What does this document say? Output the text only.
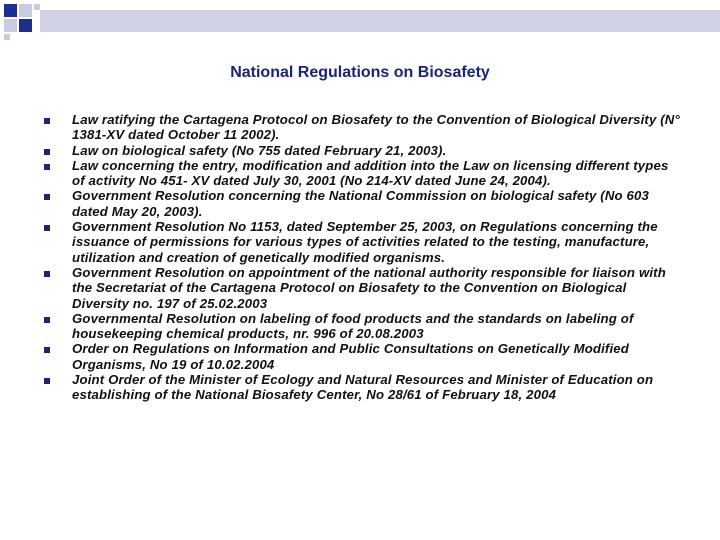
National Regulations on Biosafety
Law ratifying the Cartagena Protocol on Biosafety to the Convention of Biological Diversity (N° 1381-XV dated October 11 2002).
Law on biological safety (No 755 dated February 21, 2003).
Law concerning the entry, modification and addition into the Law on licensing different types of activity No 451- XV dated July 30, 2001 (No 214-XV dated June 24, 2004).
Government Resolution concerning the National Commission on biological safety (No 603 dated May 20, 2003).
Government Resolution No 1153, dated September 25, 2003, on Regulations concerning the issuance of permissions for various types of activities related to the testing, manufacture, utilization and creation of genetically modified organisms.
Government Resolution on appointment of the national authority responsible for liaison with the Secretariat of the Cartagena Protocol on Biosafety to the Convention on Biological Diversity no. 197 of 25.02.2003
Governmental Resolution on labeling of food products and the standards on labeling of housekeeping chemical products, nr. 996 of 20.08.2003
Order on Regulations on Information and Public Consultations on Genetically Modified Organisms, No 19 of 10.02.2004
Joint Order of the Minister of Ecology and Natural Resources and Minister of Education on establishing of the National Biosafety Center, No 28/61 of February 18, 2004
